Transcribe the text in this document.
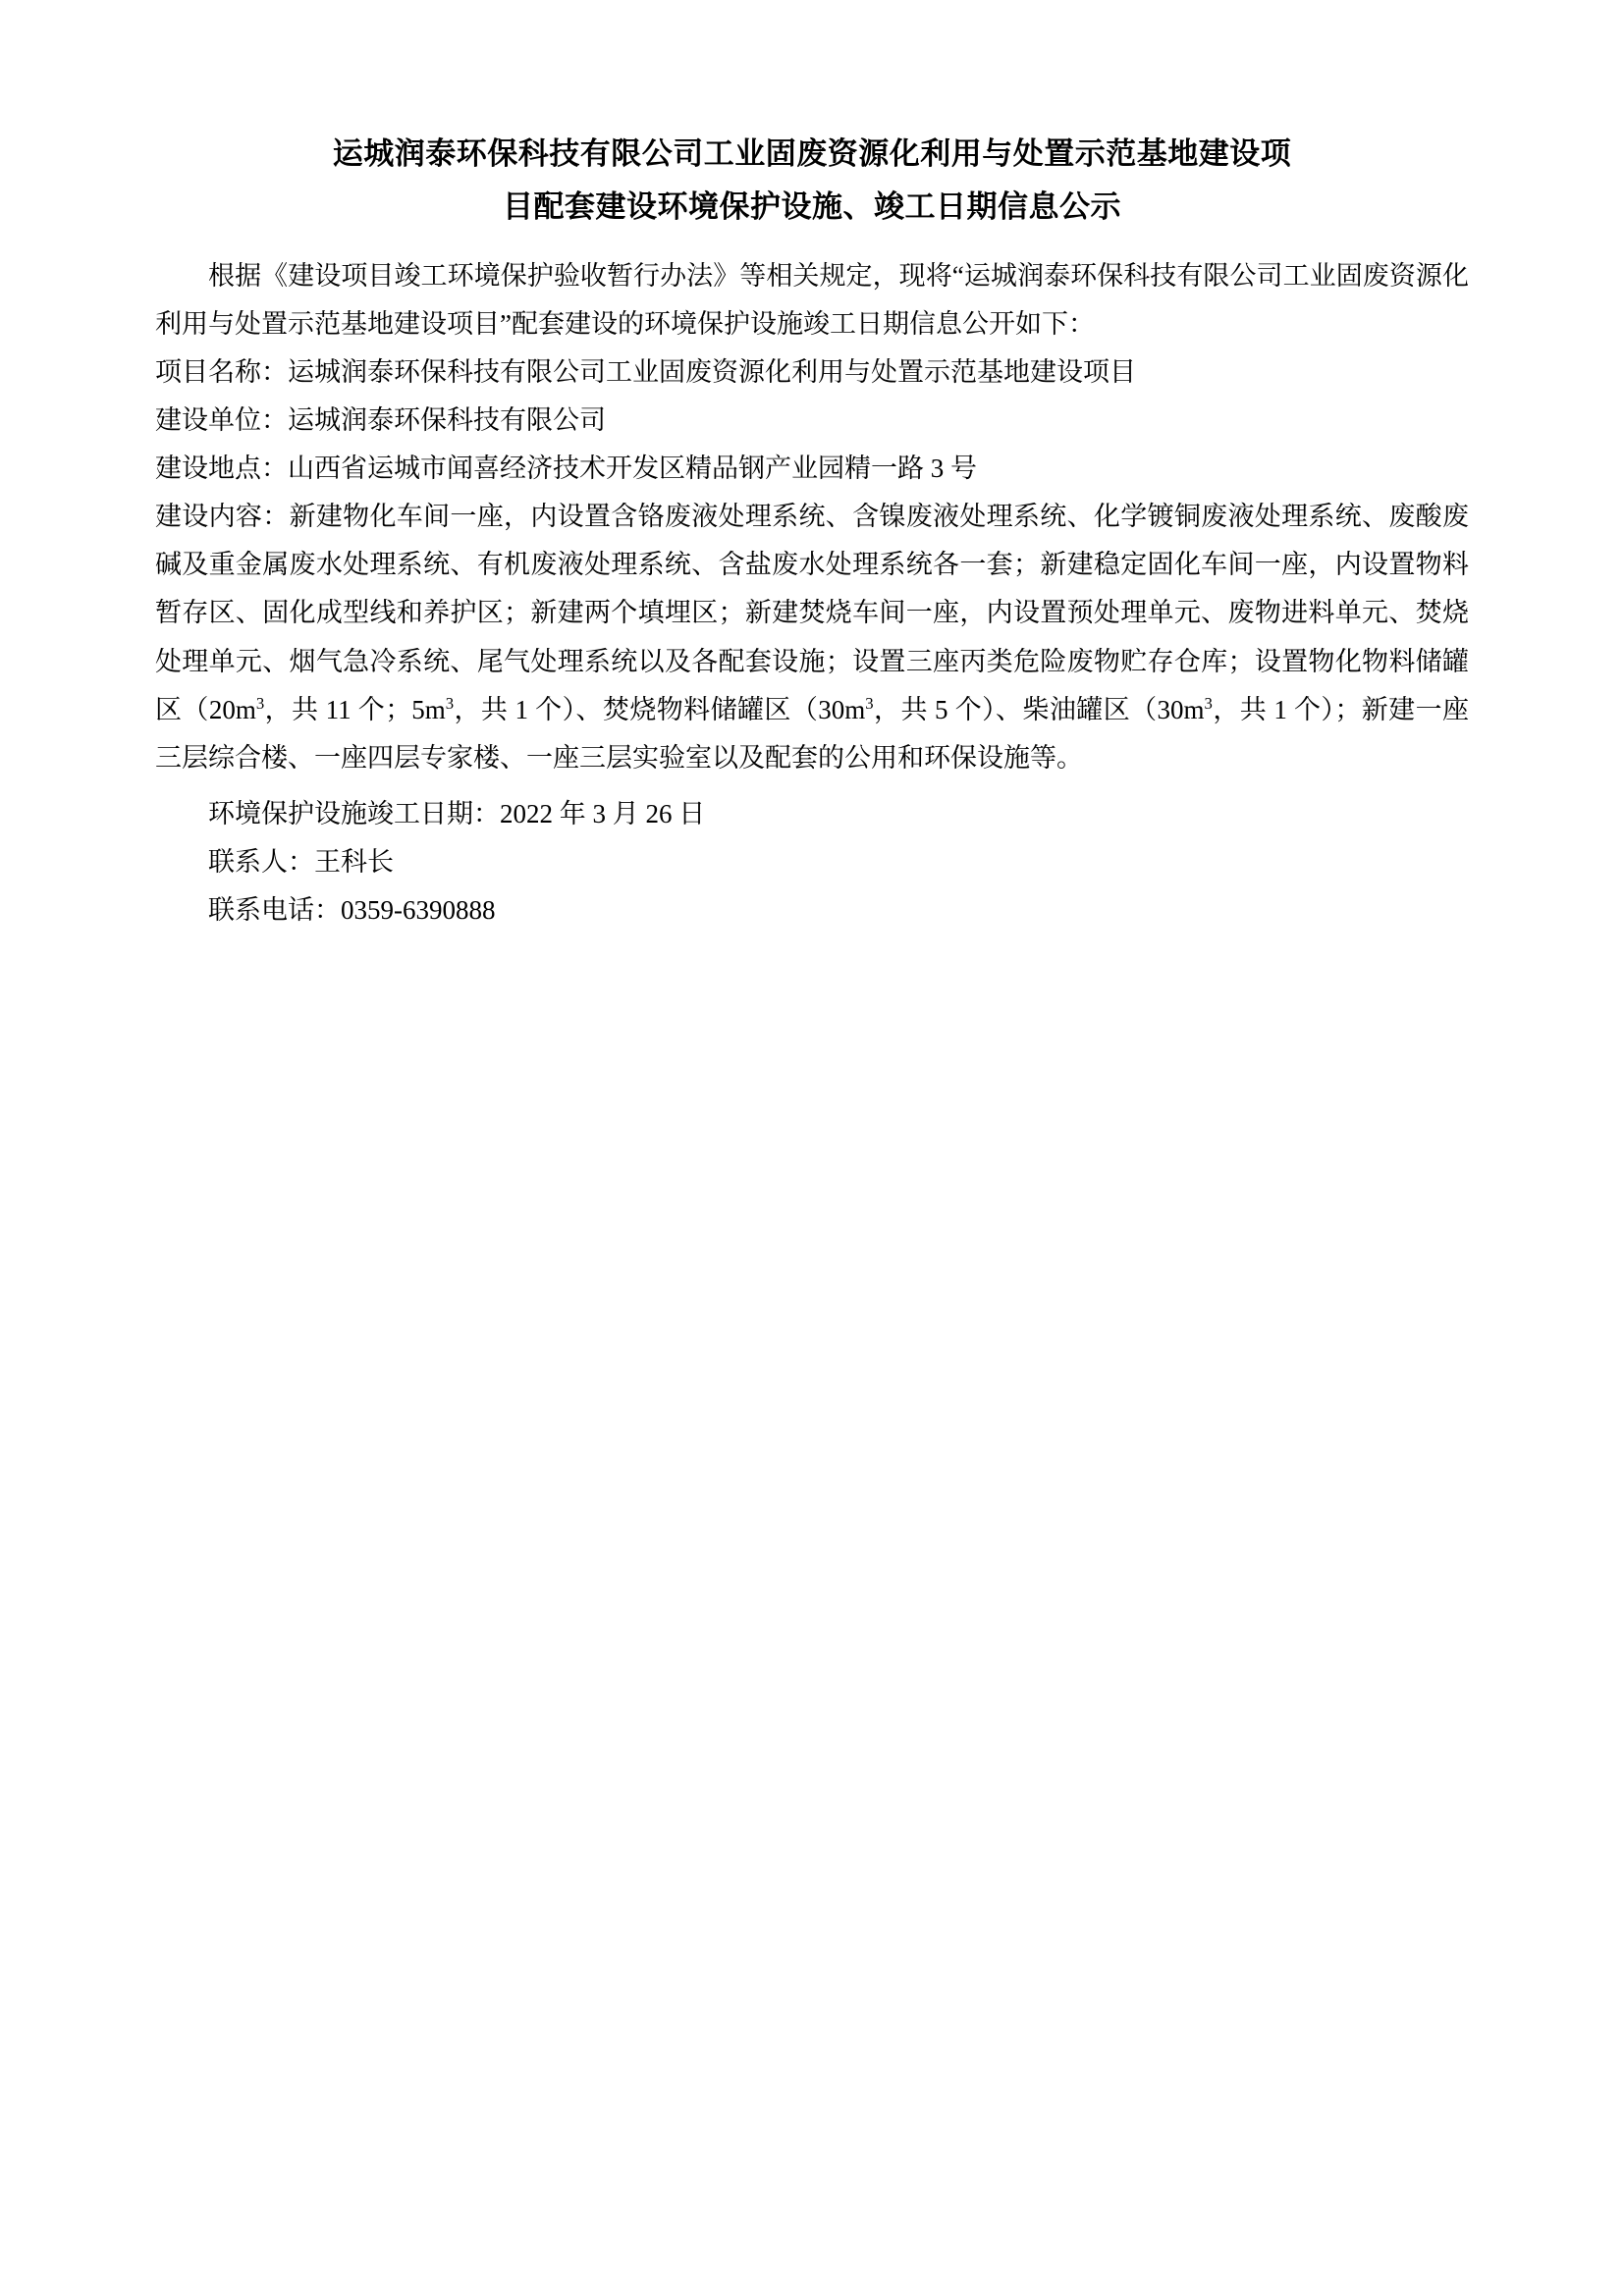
运城润泰环保科技有限公司工业固废资源化利用与处置示范基地建设项
目配套建设环境保护设施、竣工日期信息公示

根据《建设项目竣工环境保护验收暂行办法》等相关规定，现将“运城润泰环保科技有限公司工业固废资源化利用与处置示范基地建设项目”配套建设的环境保护设施竣工日期信息公开如下：

项目名称：运城润泰环保科技有限公司工业固废资源化利用与处置示范基地建设项目

建设单位：运城润泰环保科技有限公司

建设地点：山西省运城市闻喜经济技术开发区精品钢产业园精一路 3 号

建设内容：新建物化车间一座，内设置含铬废液处理系统、含镍废液处理系统、化学镀铜废液处理系统、废酸废碱及重金属废水处理系统、有机废液处理系统、含盐废水处理系统各一套；新建稳定固化车间一座，内设置物料暂存区、固化成型线和养护区；新建两个填埋区；新建焚烧车间一座，内设置预处理单元、废物进料单元、焚烧处理单元、烟气急冷系统、尾气处理系统以及各配套设施；设置三座丙类危险废物贮存仓库；设置物化物料储罐区（$20m^3$，共 11 个；$5m^3$，共 1 个）、焚烧物料储罐区（$30m^3$，共 5 个）、柴油罐区（$30m^3$，共 1 个）；新建一座三层综合楼、一座四层专家楼、一座三层实验室以及配套的公用和环保设施等。

环境保护设施竣工日期：2022 年 3 月 26 日

联系人：王科长

联系电话：0359-6390888
